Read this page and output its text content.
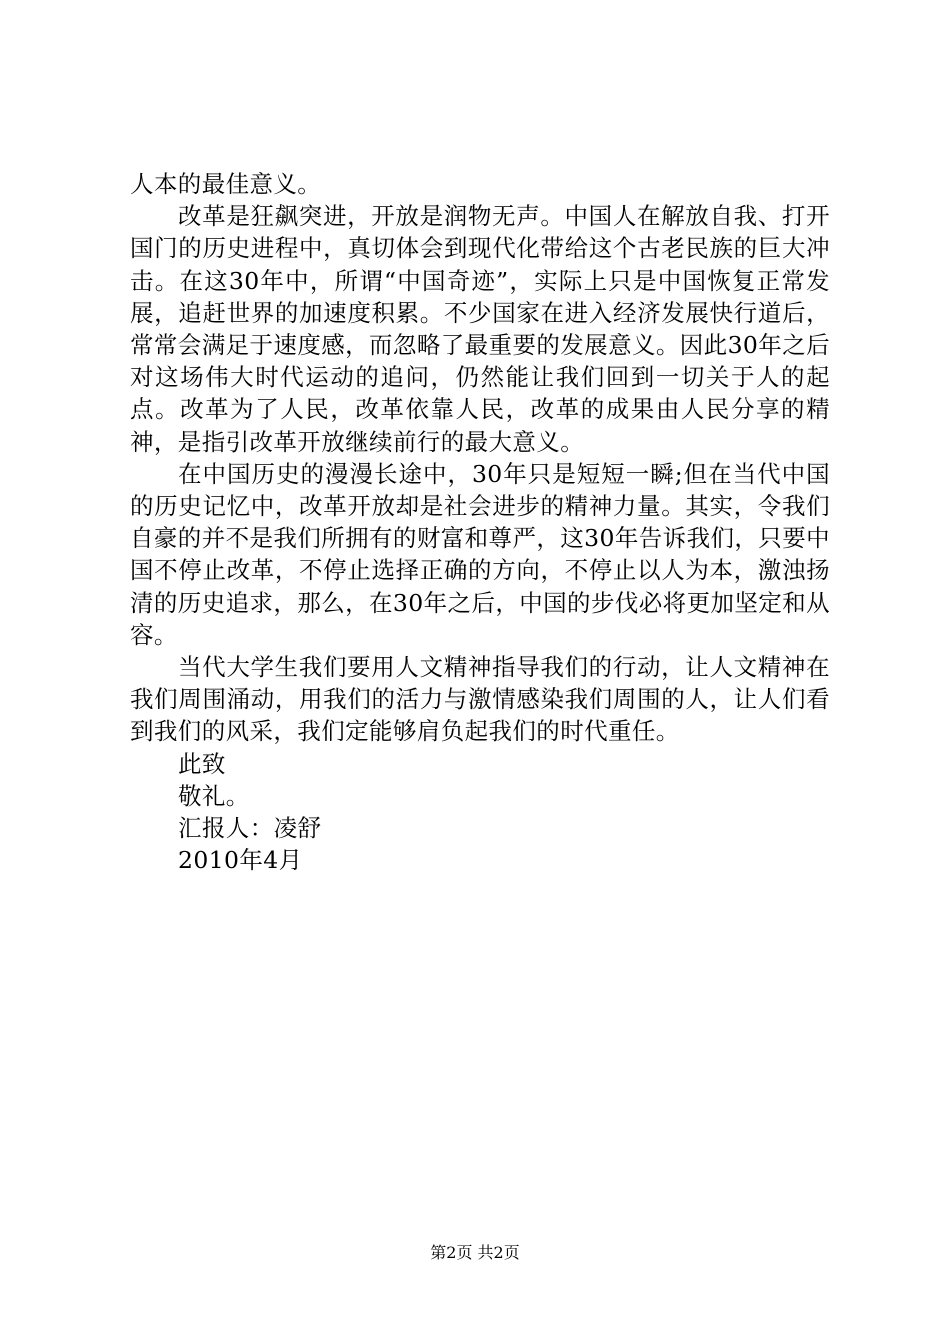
人本的最佳意义。

改革是狂飙突进，开放是润物无声。中国人在解放自我、打开国门的历史进程中，真切体会到现代化带给这个古老民族的巨大冲击。在这30年中，所谓“中国奇迹”，实际上只是中国恢复正常发展，追赶世界的加速度积累。不少国家在进入经济发展快行道后，常常会满足于速度感，而忽略了最重要的发展意义。因此30年之后对这场伟大时代运动的追问，仍然能让我们回到一切关于人的起点。改革为了人民，改革依靠人民，改革的成果由人民分享的精神，是指引改革开放继续前行的最大意义。

在中国历史的漫漫长途中，30年只是短短一瞬;但在当代中国的历史记忆中，改革开放却是社会进步的精神力量。其实，令我们自豪的并不是我们所拥有的财富和尊严，这30年告诉我们，只要中国不停止改革，不停止选择正确的方向，不停止以人为本，激浊扬清的历史追求，那么，在30年之后，中国的步伐必将更加坚定和从容。

当代大学生我们要用人文精神指导我们的行动，让人文精神在我们周围涌动，用我们的活力与激情感染我们周围的人，让人们看到我们的风采，我们定能够肩负起我们的时代重任。

此致

敬礼。

汇报人：凌舒

2010年4月

第2页 共2页
